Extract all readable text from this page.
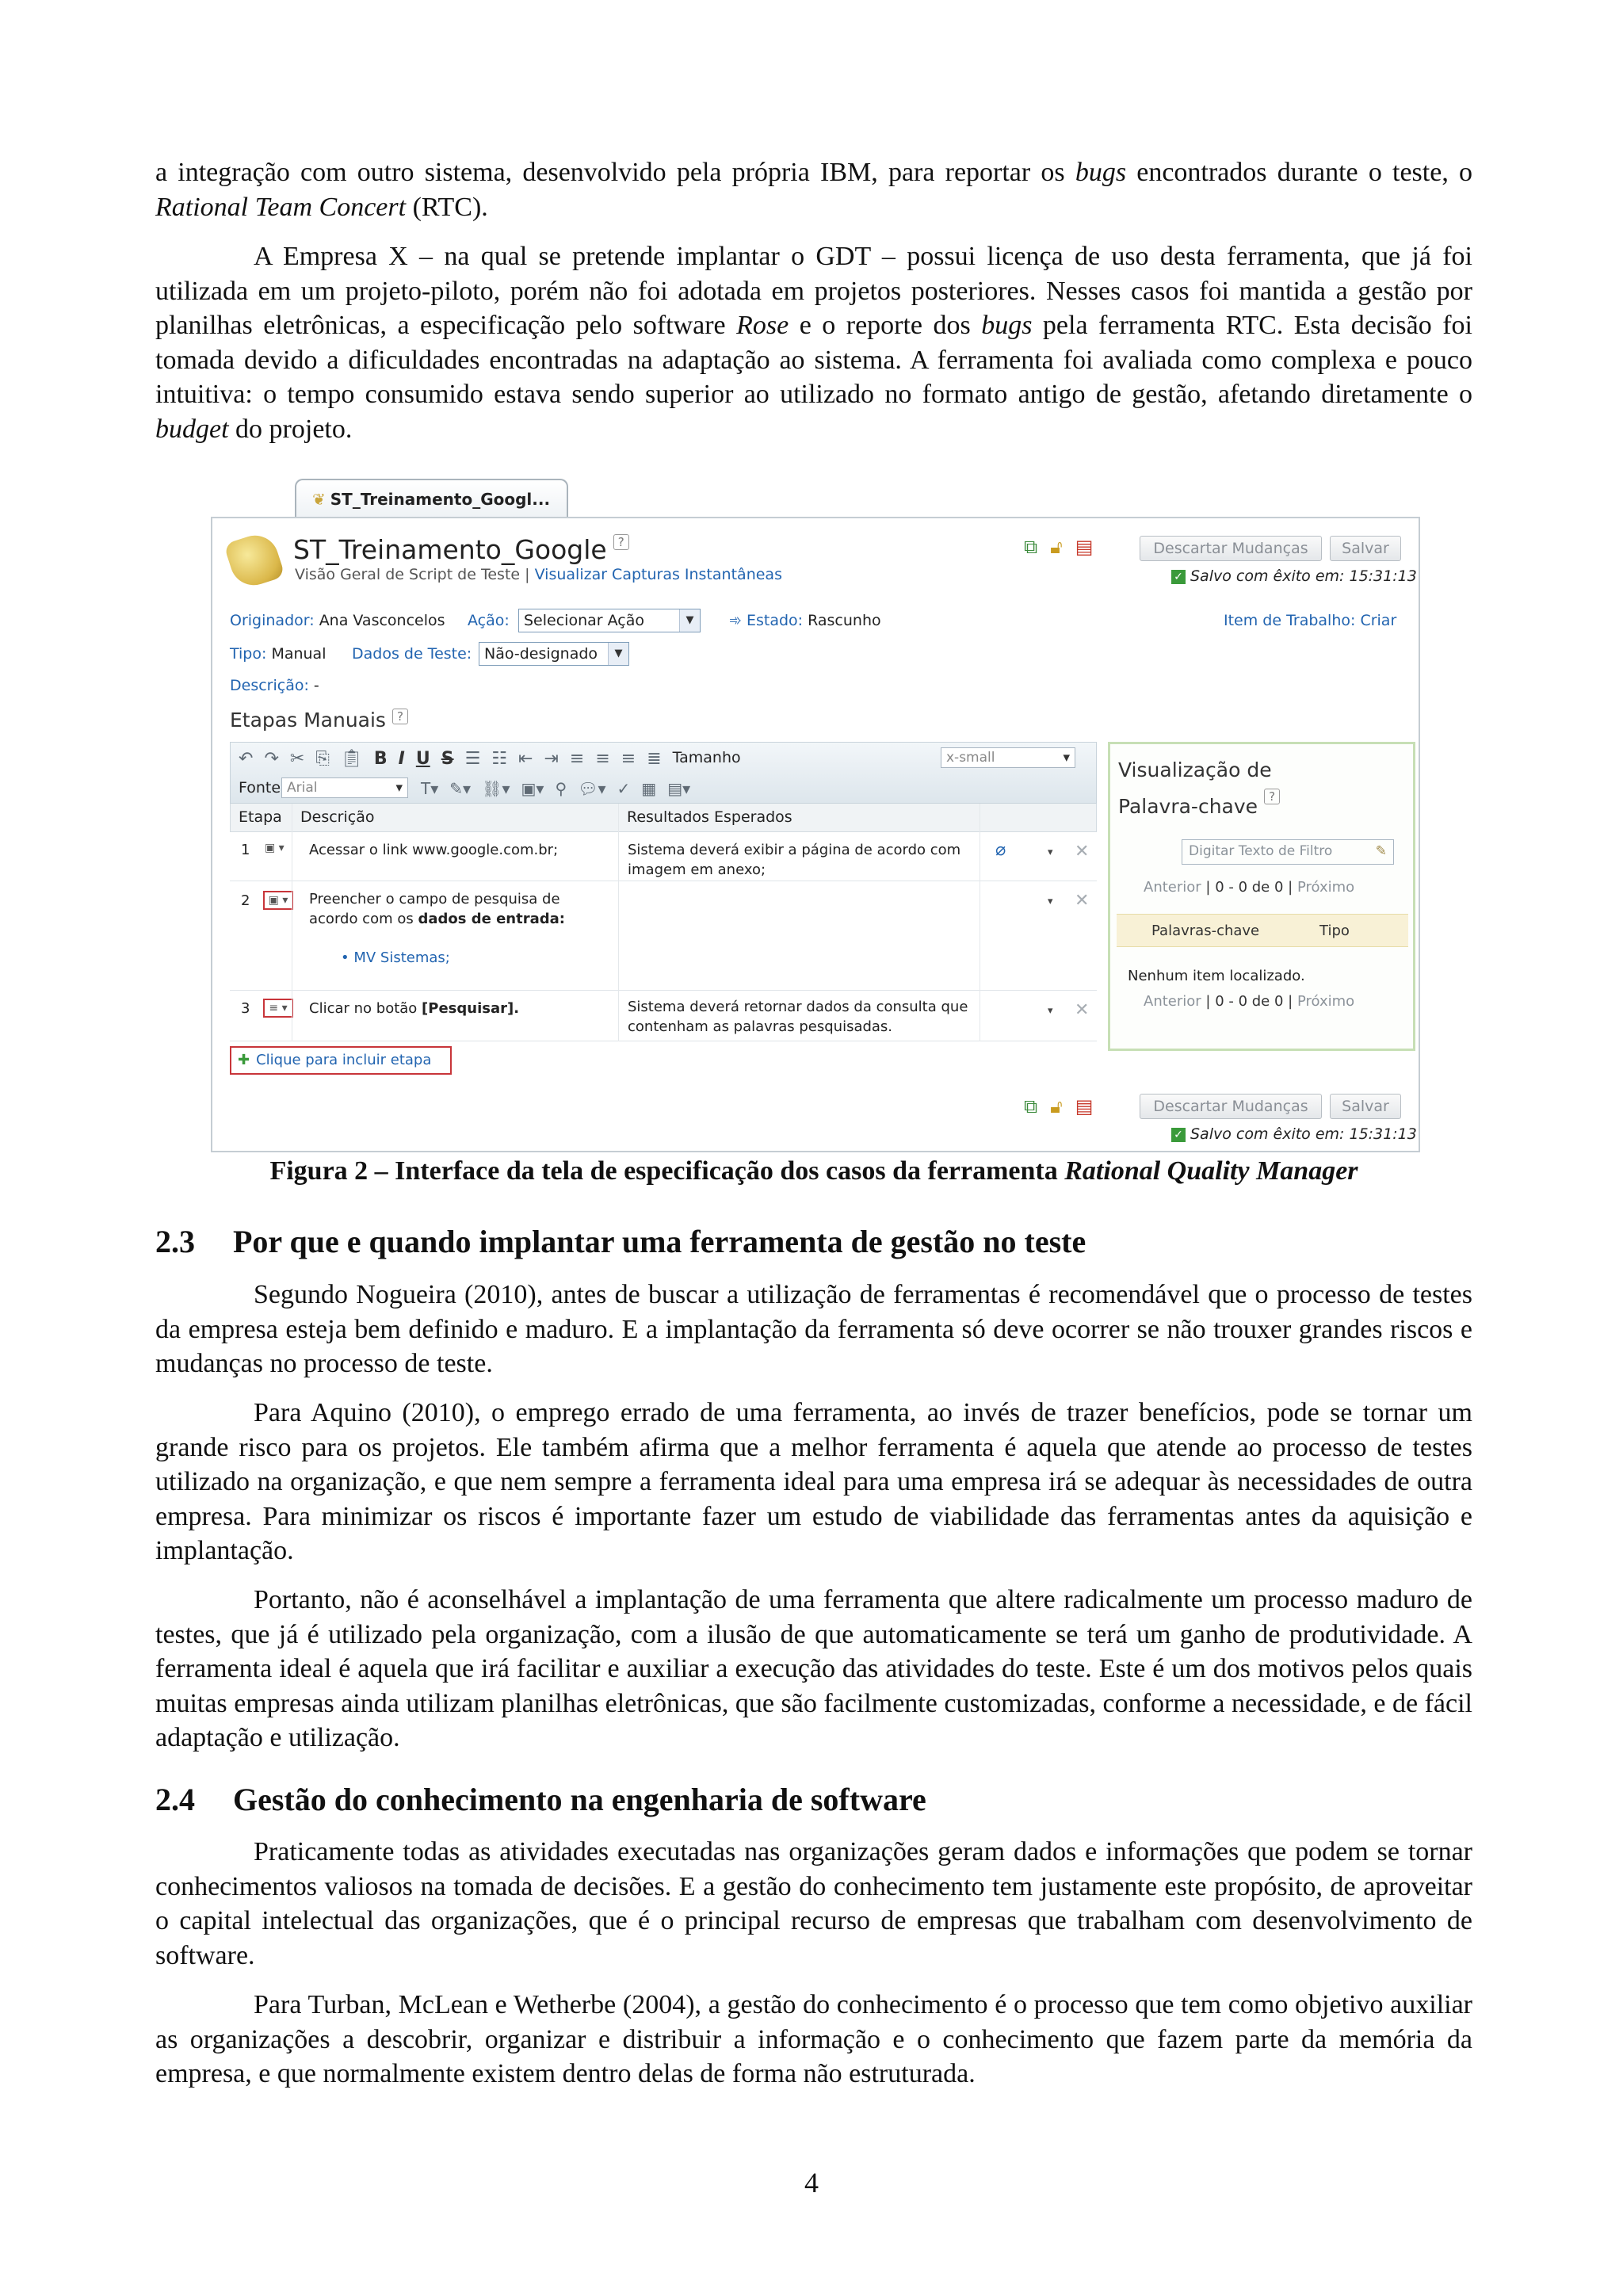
a integração com outro sistema, desenvolvido pela própria IBM, para reportar os bugs encontrados durante o teste, o Rational Team Concert (RTC).

A Empresa X – na qual se pretende implantar o GDT – possui licença de uso desta ferramenta, que já foi utilizada em um projeto-piloto, porém não foi adotada em projetos posteriores. Nesses casos foi mantida a gestão por planilhas eletrônicas, a especificação pelo software Rose e o reporte dos bugs pela ferramenta RTC. Esta decisão foi tomada devido a dificuldades encontradas na adaptação ao sistema. A ferramenta foi avaliada como complexa e pouco intuitiva: o tempo consumido estava sendo superior ao utilizado no formato antigo de gestão, afetando diretamente o budget do projeto.

❦ ST_Treinamento_Googl...
ST_Treinamento_Google ?
Visão Geral de Script de Teste | Visualizar Capturas Instantâneas
⧉ 🔓︎ ▤	Descartar Mudanças	Salvar
✓ Salvo com êxito em: 15:31:13
Originador: Ana Vasconcelos Ação: Selecionar Ação	▼	➾ Estado: Rascunho	Item de Trabalho: Criar
Tipo: Manual Dados de Teste: Não-designado	▼
Descrição: -
Etapas Manuais ?
↶ ↷ ✂ ⎘ 📋︎ B I U S ☰ ☷ ⇤ ⇥ ≡ ≡ ≡ ≣ Tamanho	x-small	▾
Fonte Arial	▾ T▾ ✎▾ ⛓▾ ▣▾ ⚲ 💬︎▾ ✓ ▦ ▤▾
Etapa Descrição	Resultados Esperados
1 ▣ ▾ Acessar o link www.google.com.br;	Sistema deverá exibir a página de acordo com imagem em anexo;
⌀	▾ ✕
2	▣ ▾	Preencher o campo de pesquisa de acordo com os dados de entrada:
• MV Sistemas;
▾ ✕
3	≡ ▾	Clicar no botão [Pesquisar].	Sistema deverá retornar dados da consulta que contenham as palavras pesquisadas.
▾ ✕
✚ Clique para incluir etapa
Visualização de
Palavra-chave ?
Digitar Texto de Filtro	✎
Anterior | 0 - 0 de 0 | Próximo
Palavras-chave	Tipo
Nenhum item localizado.
Anterior | 0 - 0 de 0 | Próximo
⧉ 🔓︎ ▤	Descartar Mudanças	Salvar
✓ Salvo com êxito em: 15:31:13
Figura 2 – Interface da tela de especificação dos casos da ferramenta Rational Quality Manager
2.3 Por que e quando implantar uma ferramenta de gestão no teste

Segundo Nogueira (2010), antes de buscar a utilização de ferramentas é recomendável que o processo de testes da empresa esteja bem definido e maduro. E a implantação da ferramenta só deve ocorrer se não trouxer grandes riscos e mudanças no processo de teste.

Para Aquino (2010), o emprego errado de uma ferramenta, ao invés de trazer benefícios, pode se tornar um grande risco para os projetos. Ele também afirma que a melhor ferramenta é aquela que atende ao processo de testes utilizado na organização, e que nem sempre a ferramenta ideal para uma empresa irá se adequar às necessidades de outra empresa. Para minimizar os riscos é importante fazer um estudo de viabilidade das ferramentas antes da aquisição e implantação.

Portanto, não é aconselhável a implantação de uma ferramenta que altere radicalmente um processo maduro de testes, que já é utilizado pela organização, com a ilusão de que automaticamente se terá um ganho de produtividade. A ferramenta ideal é aquela que irá facilitar e auxiliar a execução das atividades do teste. Este é um dos motivos pelos quais muitas empresas ainda utilizam planilhas eletrônicas, que são facilmente customizadas, conforme a necessidade, e de fácil adaptação e utilização.

2.4 Gestão do conhecimento na engenharia de software

Praticamente todas as atividades executadas nas organizações geram dados e informações que podem se tornar conhecimentos valiosos na tomada de decisões. E a gestão do conhecimento tem justamente este propósito, de aproveitar o capital intelectual das organizações, que é o principal recurso de empresas que trabalham com desenvolvimento de software.

Para Turban, McLean e Wetherbe (2004), a gestão do conhecimento é o processo que tem como objetivo auxiliar as organizações a descobrir, organizar e distribuir a informação e o conhecimento que fazem parte da memória da empresa, e que normalmente existem dentro delas de forma não estruturada.

4
